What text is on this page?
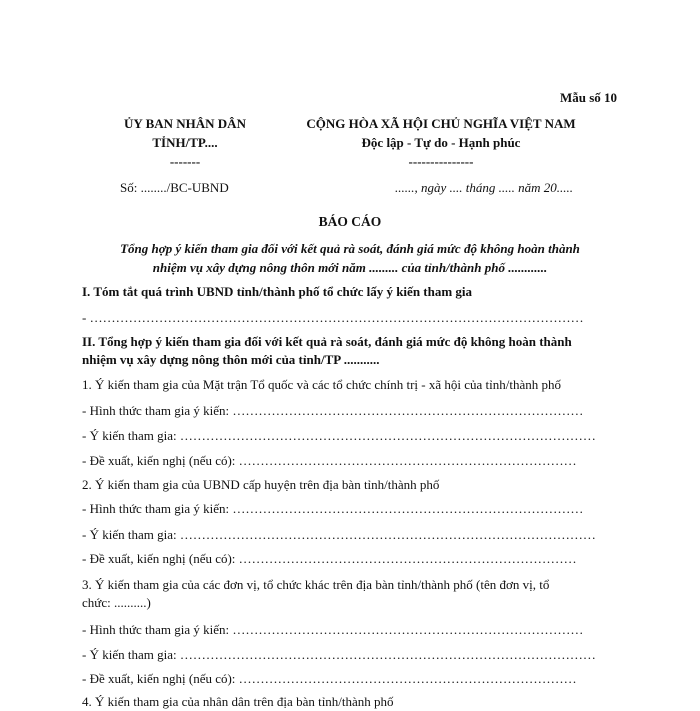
Mẫu số 10
ỦY BAN NHÂN DÂN
TỈNH/TP....
-------
CỘNG HÒA XÃ HỘI CHỦ NGHĨA VIỆT NAM
Độc lập - Tự do - Hạnh phúc
---------------
Số: ......../BC-UBND	......, ngày .... tháng ..... năm 20.....
BÁO CÁO
Tổng hợp ý kiến tham gia đối với kết quả rà soát, đánh giá mức độ không hoàn thành
nhiệm vụ xây dựng nông thôn mới năm ......... của tỉnh/thành phố ............
I. Tóm tắt quá trình UBND tỉnh/thành phố tổ chức lấy ý kiến tham gia
- ……………………………………………………………………………………………………
II. Tổng hợp ý kiến tham gia đối với kết quả rà soát, đánh giá mức độ không hoàn thành
nhiệm vụ xây dựng nông thôn mới của tỉnh/TP ...........
1. Ý kiến tham gia của Mặt trận Tổ quốc và các tổ chức chính trị - xã hội của tỉnh/thành phố
- Hình thức tham gia ý kiến: ………………………………………………………………………
- Ý kiến tham gia: ……………………………………………………………………………………
- Đề xuất, kiến nghị (nếu có): ……………………………………………………………………
2. Ý kiến tham gia của UBND cấp huyện trên địa bàn tỉnh/thành phố
- Hình thức tham gia ý kiến: ………………………………………………………………………
- Ý kiến tham gia: ……………………………………………………………………………………
- Đề xuất, kiến nghị (nếu có): ……………………………………………………………………
3. Ý kiến tham gia của các đơn vị, tổ chức khác trên địa bàn tỉnh/thành phố (tên đơn vị, tổ
chức: ..........)
- Hình thức tham gia ý kiến: ………………………………………………………………………
- Ý kiến tham gia: ……………………………………………………………………………………
- Đề xuất, kiến nghị (nếu có): ……………………………………………………………………
4. Ý kiến tham gia của nhân dân trên địa bàn tỉnh/thành phố
